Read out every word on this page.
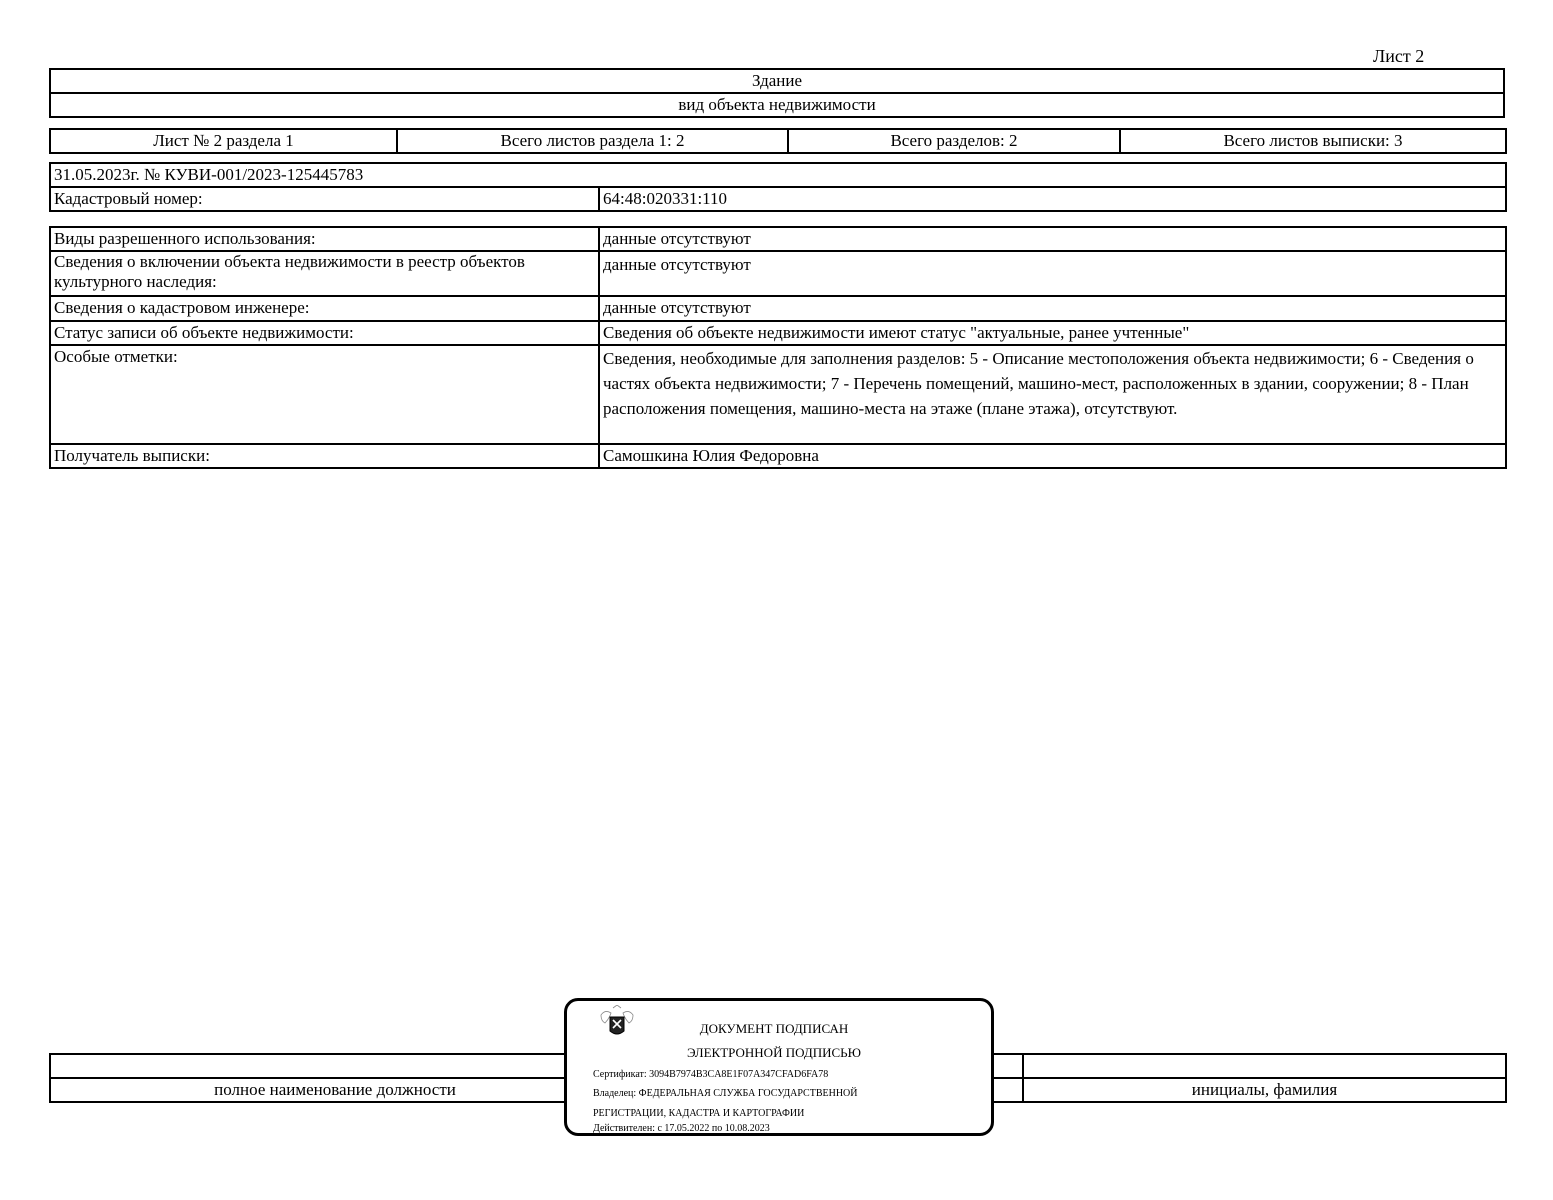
Лист 2
Здание
вид объекта недвижимости
Лист № 2 раздела 1	Всего листов раздела 1: 2	Всего разделов: 2	Всего листов выписки: 3
31.05.2023г. № КУВИ-001/2023-125445783
Кадастровый номер:	64:48:020331:110
Виды разрешенного использования:	данные отсутствуют
Сведения о включении объекта недвижимости в реестр объектов культурного наследия:	данные отсутствуют
Сведения о кадастровом инженере:	данные отсутствуют
Статус записи об объекте недвижимости:	Сведения об объекте недвижимости имеют статус "актуальные, ранее учтенные"
Особые отметки:	Сведения, необходимые для заполнения разделов: 5 - Описание местоположения объекта недвижимости; 6 - Сведения о частях объекта недвижимости; 7 - Перечень помещений, машино-мест, расположенных в здании, сооружении; 8 - План расположения помещения, машино-места на этаже (плане этажа), отсутствуют.
Получатель выписки:	Самошкина Юлия Федоровна

полное наименование должности		инициалы, фамилия
ДОКУМЕНТ ПОДПИСАН
ЭЛЕКТРОННОЙ ПОДПИСЬЮ
Сертификат: 3094B7974B3CA8E1F07A347CFAD6FA78
Владелец: ФЕДЕРАЛЬНАЯ СЛУЖБА ГОСУДАРСТВЕННОЙ
РЕГИСТРАЦИИ, КАДАСТРА И КАРТОГРАФИИ
Действителен: с 17.05.2022 по 10.08.2023
